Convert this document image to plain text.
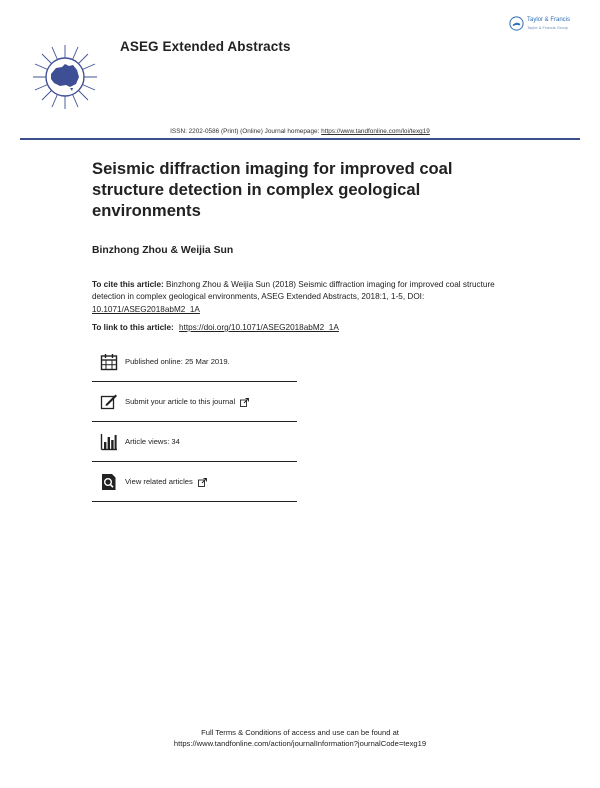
ASEG Extended Abstracts
Taylor & Francis
Taylor & Francis Group
ISSN: 2202-0586 (Print) (Online) Journal homepage: https://www.tandfonline.com/loi/texg19
Seismic diffraction imaging for improved coal structure detection in complex geological environments
Binzhong Zhou & Weijia Sun
To cite this article: Binzhong Zhou & Weijia Sun (2018) Seismic diffraction imaging for improved coal structure detection in complex geological environments, ASEG Extended Abstracts, 2018:1, 1-5, DOI: 10.1071/ASEG2018abM2_1A
To link to this article: https://doi.org/10.1071/ASEG2018abM2_1A
Published online: 25 Mar 2019.
Submit your article to this journal
Article views: 34
View related articles
Full Terms & Conditions of access and use can be found at
https://www.tandfonline.com/action/journalInformation?journalCode=texg19
